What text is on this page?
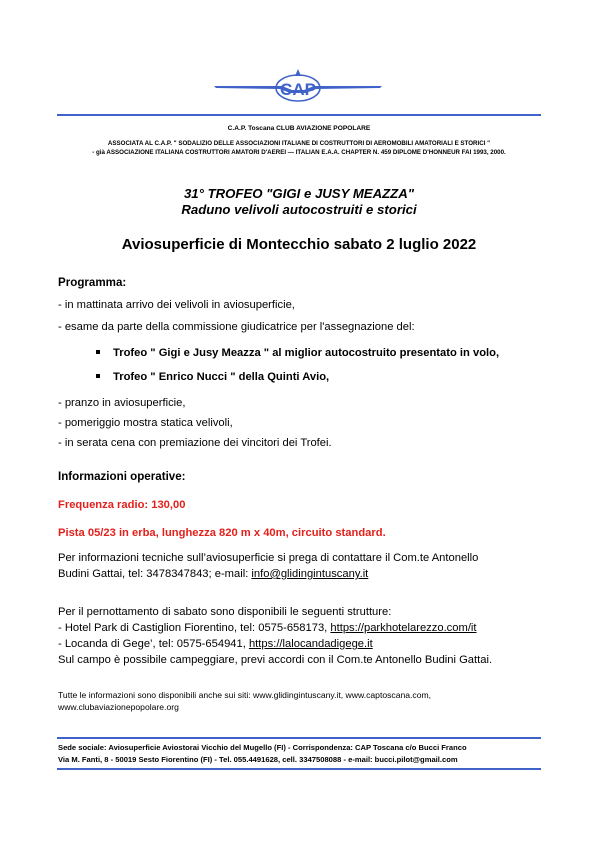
CAP
C.A.P. Toscana CLUB AVIAZIONE POPOLARE
ASSOCIATA AL C.A.P. " SODALIZIO DELLE ASSOCIAZIONI ITALIANE DI COSTRUTTORI DI AEROMOBILI AMATORIALI E STORICI "
- già ASSOCIAZIONE ITALIANA COSTRUTTORI AMATORI D'AEREI — ITALIAN E.A.A. CHAPTER N. 459 DIPLOME D'HONNEUR FAI 1993, 2000.
31° TROFEO "GIGI e JUSY MEAZZA"
Raduno velivoli autocostruiti e storici
Aviosuperficie di Montecchio sabato 2 luglio 2022
Programma:
- in mattinata arrivo dei velivoli in aviosuperficie,
- esame da parte della commissione giudicatrice per l'assegnazione del:
Trofeo " Gigi e Jusy Meazza " al miglior autocostruito presentato in volo,
Trofeo " Enrico Nucci " della Quinti Avio,
- pranzo in aviosuperficie,
- pomeriggio mostra statica velivoli,
- in serata cena con premiazione dei vincitori dei Trofei.
Informazioni operative:
Frequenza radio: 130,00
Pista 05/23 in erba, lunghezza 820 m x 40m, circuito standard.
Per informazioni tecniche sull’aviosuperficie si prega di contattare il Com.te Antonello
Budini Gattai, tel: 3478347843; e-mail: info@glidingintuscany.it
Per il pernottamento di sabato sono disponibili le seguenti strutture:
- Hotel Park di Castiglion Fiorentino, tel: 0575-658173, https://parkhotelarezzo.com/it
- Locanda di Gege’, tel: 0575-654941, https://lalocandadigege.it
Sul campo è possibile campeggiare, previ accordi con il Com.te Antonello Budini Gattai.
Tutte le informazioni sono disponibili anche sui siti: www.glidingintuscany.it, www.captoscana.com,
www.clubaviazionepopolare.org
Sede sociale: Aviosuperficie Aviostorai Vicchio del Mugello (FI) - Corrispondenza: CAP Toscana c/o Bucci Franco
Via M. Fanti, 8 - 50019 Sesto Fiorentino (FI) - Tel. 055.4491628, cell. 3347508088 - e-mail: bucci.pilot@gmail.com
